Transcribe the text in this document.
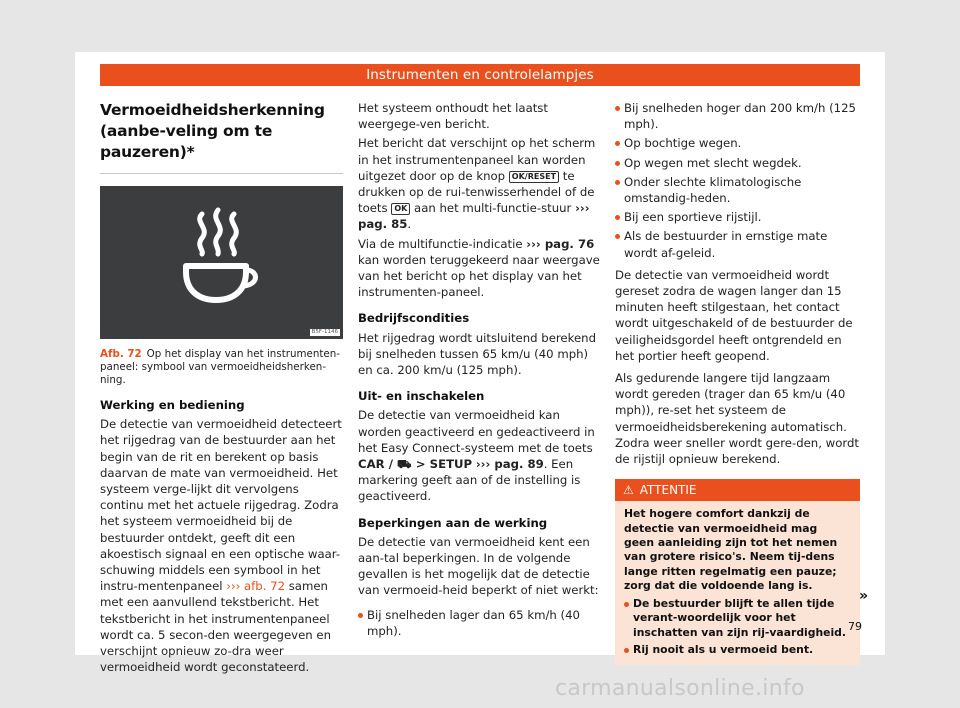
Instrumenten en controlelampjes
Vermoeidheidsherkenning (aanbe-veling om te pauzeren)*
B5F-1146
Afb. 72 Op het display van het instrumenten-paneel: symbool van vermoeidheidsherken-ning.
Werking en bediening

De detectie van vermoeidheid detecteert het rijgedrag van de bestuurder aan het begin van de rit en berekent op basis daarvan de mate van vermoeidheid. Het systeem verge-lijkt dit vervolgens continu met het actuele rijgedrag. Zodra het systeem vermoeidheid bij de bestuurder ontdekt, geeft dit een akoestisch signaal en een optische waar-schuwing middels een symbool in het instru-mentenpaneel ››› afb. 72 samen met een aanvullend tekstbericht. Het tekstbericht in het instrumentenpaneel wordt ca. 5 secon-den weergegeven en verschijnt opnieuw zo-dra weer vermoeidheid wordt geconstateerd.

Het systeem onthoudt het laatst weergege-ven bericht.

Het bericht dat verschijnt op het scherm in het instrumentenpaneel kan worden uitgezet door op de knop OK/RESET te drukken op de rui-tenwisserhendel of de toets OK aan het multi-functie-stuur ››› pag. 85.

Via de multifunctie-indicatie ››› pag. 76 kan worden teruggekeerd naar weergave van het bericht op het display van het instrumenten-paneel.

Bedrijfscondities

Het rijgedrag wordt uitsluitend berekend bij snelheden tussen 65 km/u (40 mph) en ca. 200 km/u (125 mph).

Uit- en inschakelen

De detectie van vermoeidheid kan worden geactiveerd en gedeactiveerd in het Easy Connect-systeem met de toets CAR / ⛟ > SETUP ››› pag. 89. Een markering geeft aan of de instelling is geactiveerd.

Beperkingen aan de werking

De detectie van vermoeidheid kent een aan-tal beperkingen. In de volgende gevallen is het mogelijk dat de detectie van vermoeid-heid beperkt of niet werkt:

Bij snelheden lager dan 65 km/h (40 mph).
Bij snelheden hoger dan 200 km/h (125 mph).
Op bochtige wegen.
Op wegen met slecht wegdek.
Onder slechte klimatologische omstandig-heden.
Bij een sportieve rijstijl.
Als de bestuurder in ernstige mate wordt af-geleid.

De detectie van vermoeidheid wordt gereset zodra de wagen langer dan 15 minuten heeft stilgestaan, het contact wordt uitgeschakeld of de bestuurder de veiligheidsgordel heeft ontgrendeld en het portier heeft geopend.

Als gedurende langere tijd langzaam wordt gereden (trager dan 65 km/u (40 mph)), re-set het systeem de vermoeidheidsberekening automatisch. Zodra weer sneller wordt gere-den, wordt de rijstijl opnieuw berekend.

⚠ ATTENTIE
Het hogere comfort dankzij de detectie van vermoeidheid mag geen aanleiding zijn tot het nemen van grotere risico's. Neem tij-dens lange ritten regelmatig een pauze; zorg dat die voldoende lang is.
De bestuurder blijft te allen tijde verant-woordelijk voor het inschatten van zijn rij-vaardigheid.
Rij nooit als u vermoeid bent.
»
79
carmanualsonline.info
